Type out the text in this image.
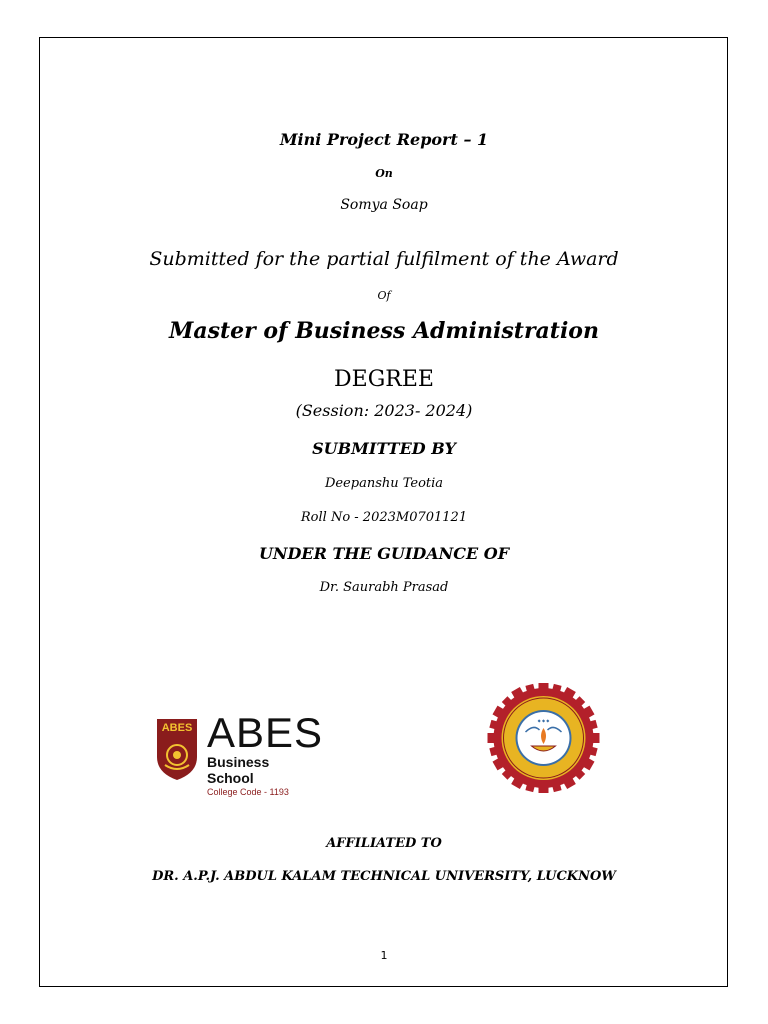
Mini Project Report – 1
On
Somya Soap
Submitted for the partial fulfilment of the Award
Of
Master of Business Administration
DEGREE
(Session: 2023- 2024)
SUBMITTED BY
Deepanshu Teotia
Roll No - 2023M0701121
UNDER THE GUIDANCE OF
Dr. Saurabh Prasad
ABES ABES
Business School
College Code - 1193
◆ ◆ ◆
AFFILIATED TO
DR. A.P.J. ABDUL KALAM TECHNICAL UNIVERSITY, LUCKNOW
1
